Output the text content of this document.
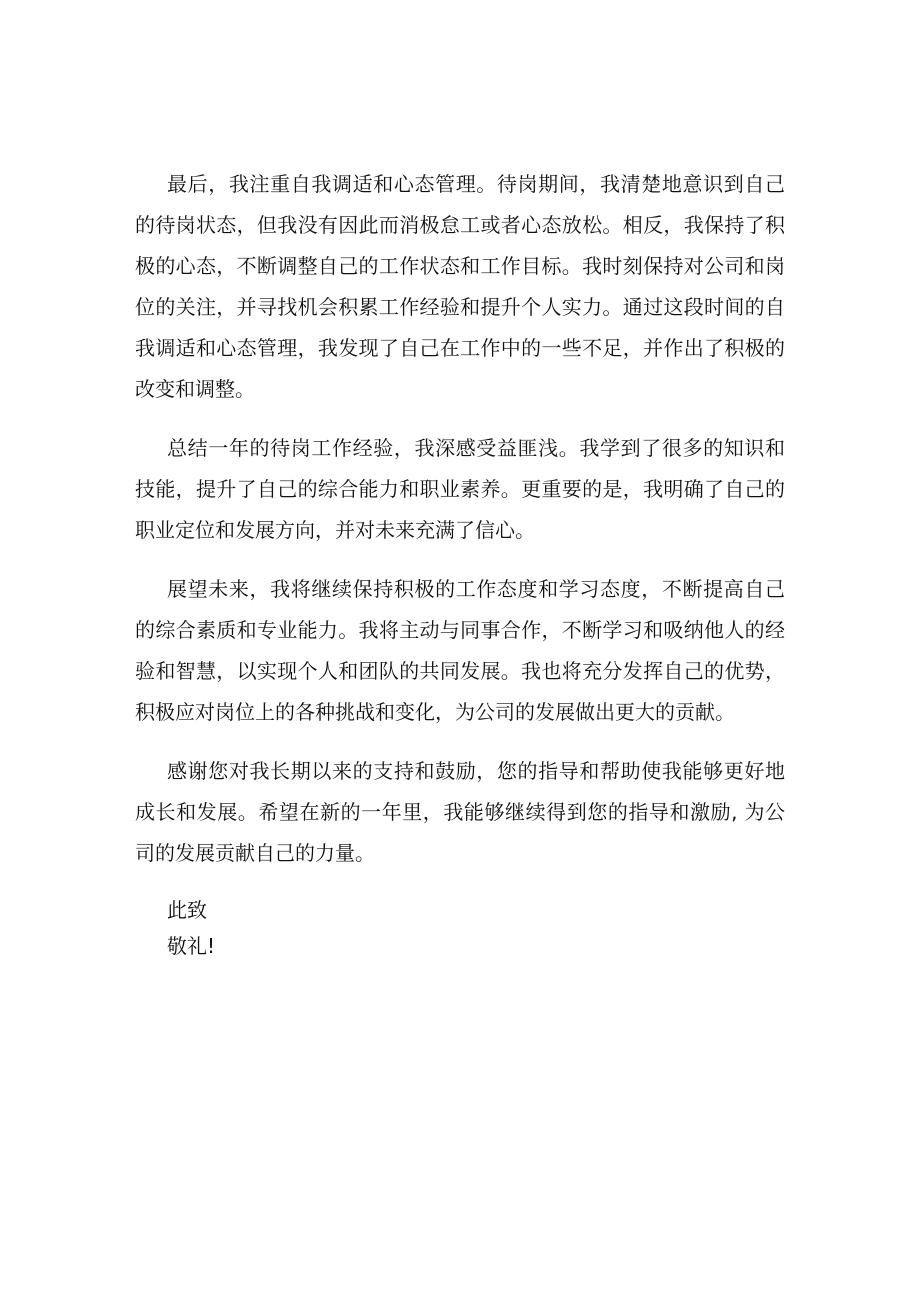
最后，我注重自我调适和心态管理。待岗期间，我清楚地意识到自己的待岗状态，但我没有因此而消极怠工或者心态放松。相反，我保持了积极的心态，不断调整自己的工作状态和工作目标。我时刻保持对公司和岗位的关注，并寻找机会积累工作经验和提升个人实力。通过这段时间的自我调适和心态管理，我发现了自己在工作中的一些不足，并作出了积极的改变和调整。

总结一年的待岗工作经验，我深感受益匪浅。我学到了很多的知识和技能，提升了自己的综合能力和职业素养。更重要的是，我明确了自己的职业定位和发展方向，并对未来充满了信心。

展望未来，我将继续保持积极的工作态度和学习态度，不断提高自己的综合素质和专业能力。我将主动与同事合作，不断学习和吸纳他人的经验和智慧，以实现个人和团队的共同发展。我也将充分发挥自己的优势，积极应对岗位上的各种挑战和变化，为公司的发展做出更大的贡献。

感谢您对我长期以来的支持和鼓励，您的指导和帮助使我能够更好地成长和发展。希望在新的一年里，我能够继续得到您的指导和激励, 为公司的发展贡献自己的力量。

此致

敬礼!
